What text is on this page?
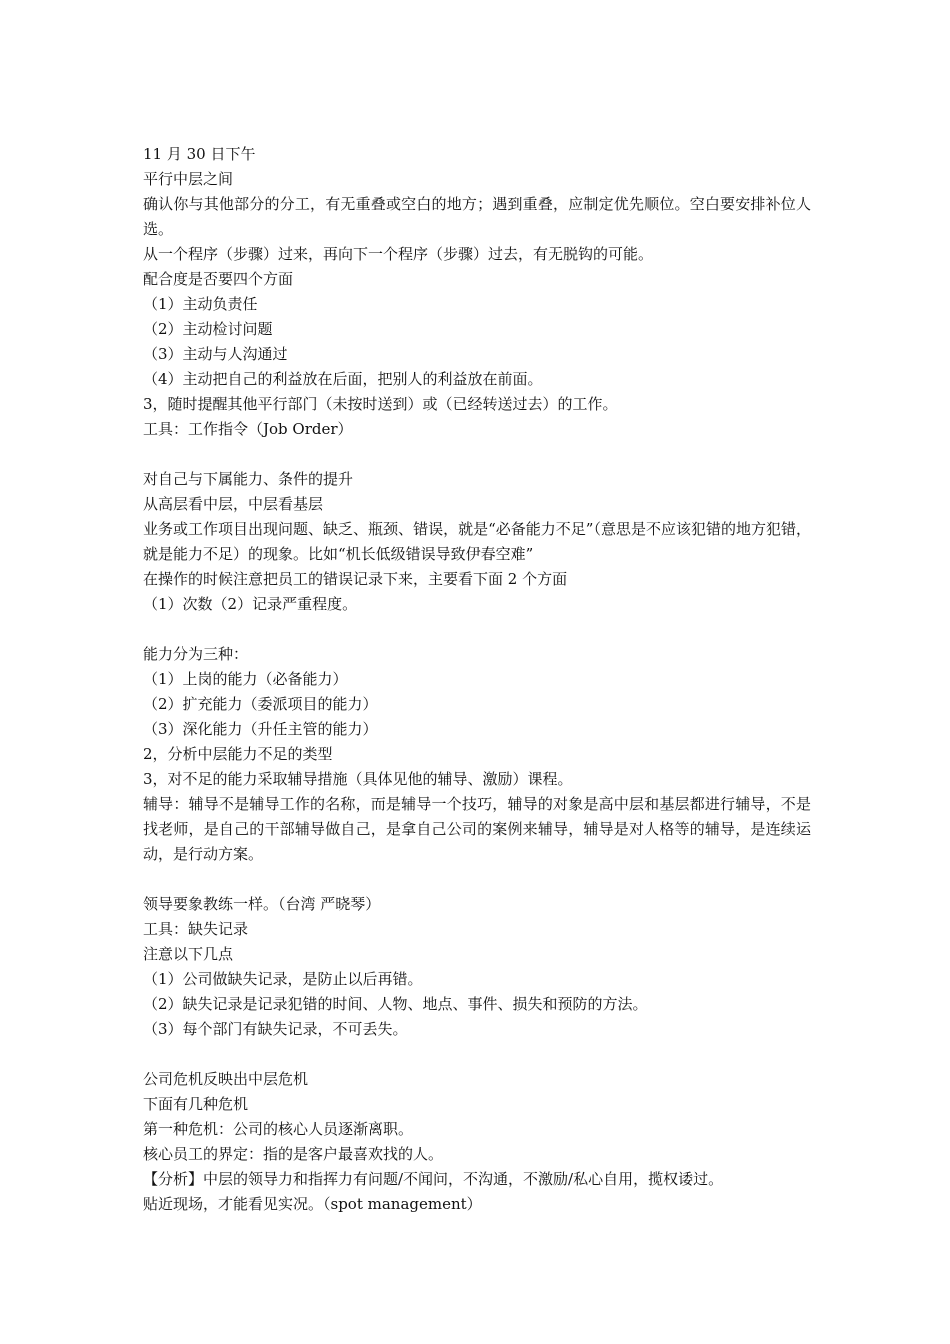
11 月 30 日下午

平行中层之间

确认你与其他部分的分工，有无重叠或空白的地方；遇到重叠，应制定优先顺位。空白要安排补位人选。

从一个程序（步骤）过来，再向下一个程序（步骤）过去，有无脱钩的可能。

配合度是否要四个方面

（1）主动负责任

（2）主动检讨问题

（3）主动与人沟通过

（4）主动把自己的利益放在后面，把别人的利益放在前面。

3，随时提醒其他平行部门（未按时送到）或（已经转送过去）的工作。

工具：工作指令（Job Order）

对自己与下属能力、条件的提升

从高层看中层，中层看基层

业务或工作项目出现问题、缺乏、瓶颈、错误，就是“必备能力不足”（意思是不应该犯错的地方犯错，就是能力不足）的现象。比如“机长低级错误导致伊春空难”

在操作的时候注意把员工的错误记录下来，主要看下面 2 个方面

（1）次数（2）记录严重程度。

能力分为三种：

（1）上岗的能力（必备能力）

（2）扩充能力（委派项目的能力）

（3）深化能力（升任主管的能力）

2，分析中层能力不足的类型

3，对不足的能力采取辅导措施（具体见他的辅导、激励）课程。

辅导：辅导不是辅导工作的名称，而是辅导一个技巧，辅导的对象是高中层和基层都进行辅导，不是找老师，是自己的干部辅导做自己，是拿自己公司的案例来辅导，辅导是对人格等的辅导，是连续运动，是行动方案。

领导要象教练一样。（台湾 严晓琴）

工具：缺失记录

注意以下几点

（1）公司做缺失记录，是防止以后再错。

（2）缺失记录是记录犯错的时间、人物、地点、事件、损失和预防的方法。

（3）每个部门有缺失记录，不可丢失。

公司危机反映出中层危机

下面有几种危机

第一种危机：公司的核心人员逐渐离职。

核心员工的界定：指的是客户最喜欢找的人。

【分析】中层的领导力和指挥力有问题/不闻问，不沟通，不激励/私心自用，揽权诿过。

贴近现场，才能看见实况。（spot management）
